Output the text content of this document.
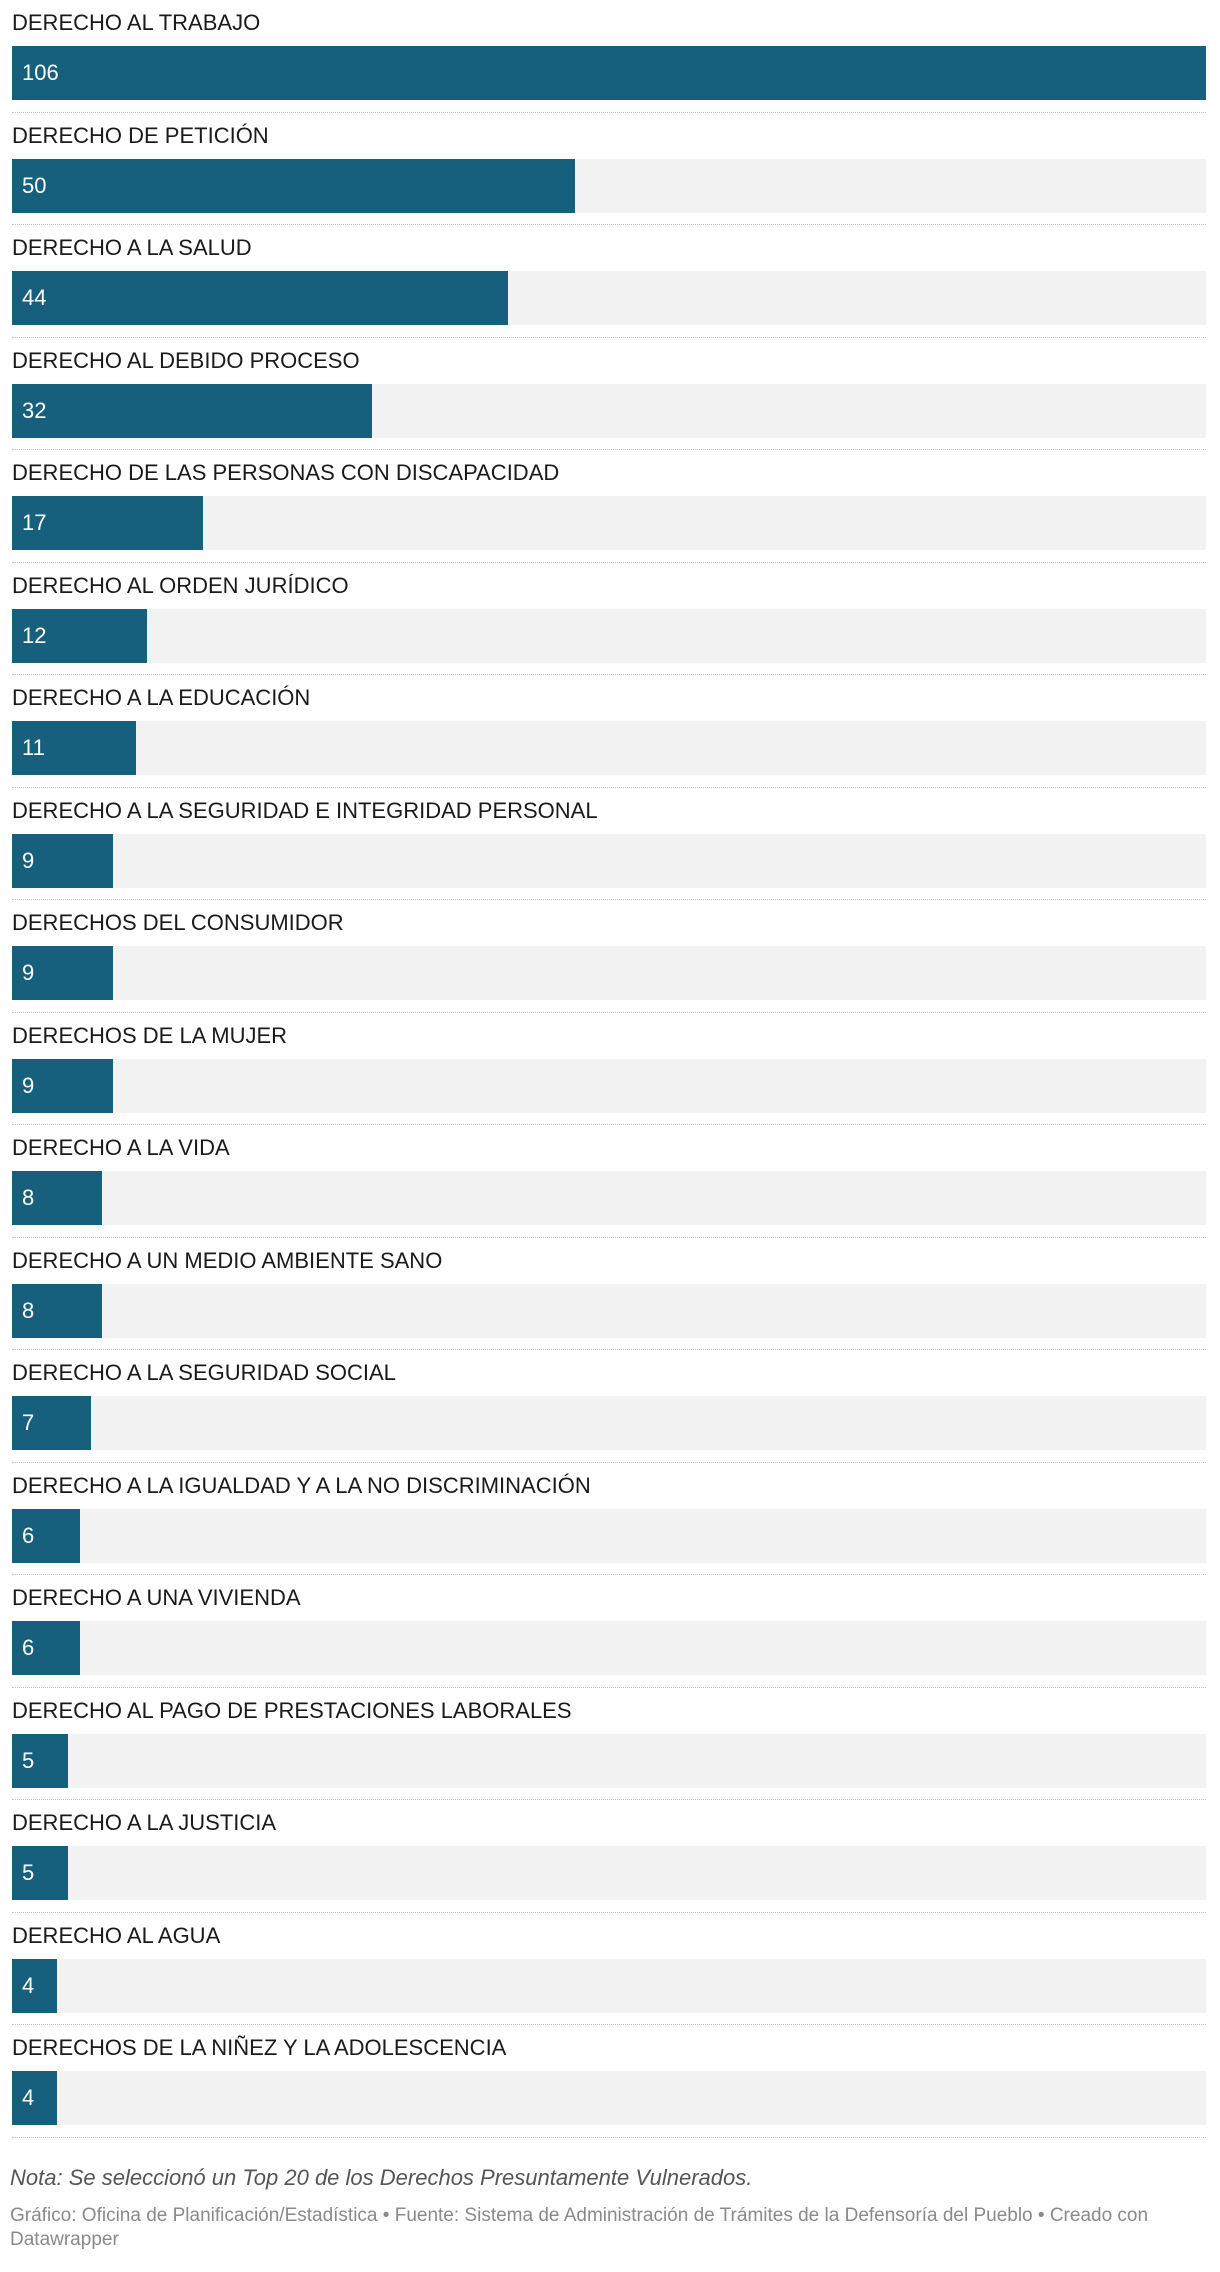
DERECHO AL TRABAJO
106
DERECHO DE PETICIÓN
50
DERECHO A LA SALUD
44
DERECHO AL DEBIDO PROCESO
32
DERECHO DE LAS PERSONAS CON DISCAPACIDAD
17
DERECHO AL ORDEN JURÍDICO
12
DERECHO A LA EDUCACIÓN
11
DERECHO A LA SEGURIDAD E INTEGRIDAD PERSONAL
9
DERECHOS DEL CONSUMIDOR
9
DERECHOS DE LA MUJER
9
DERECHO A LA VIDA
8
DERECHO A UN MEDIO AMBIENTE SANO
8
DERECHO A LA SEGURIDAD SOCIAL
7
DERECHO A LA IGUALDAD Y A LA NO DISCRIMINACIÓN
6
DERECHO A UNA VIVIENDA
6
DERECHO AL PAGO DE PRESTACIONES LABORALES
5
DERECHO A LA JUSTICIA
5
DERECHO AL AGUA
4
DERECHOS DE LA NIÑEZ Y LA ADOLESCENCIA
4
Nota: Se seleccionó un Top 20 de los Derechos Presuntamente Vulnerados.
Gráfico: Oficina de Planificación/Estadística • Fuente: Sistema de Administración de Trámites de la Defensoría del Pueblo • Creado con Datawrapper
